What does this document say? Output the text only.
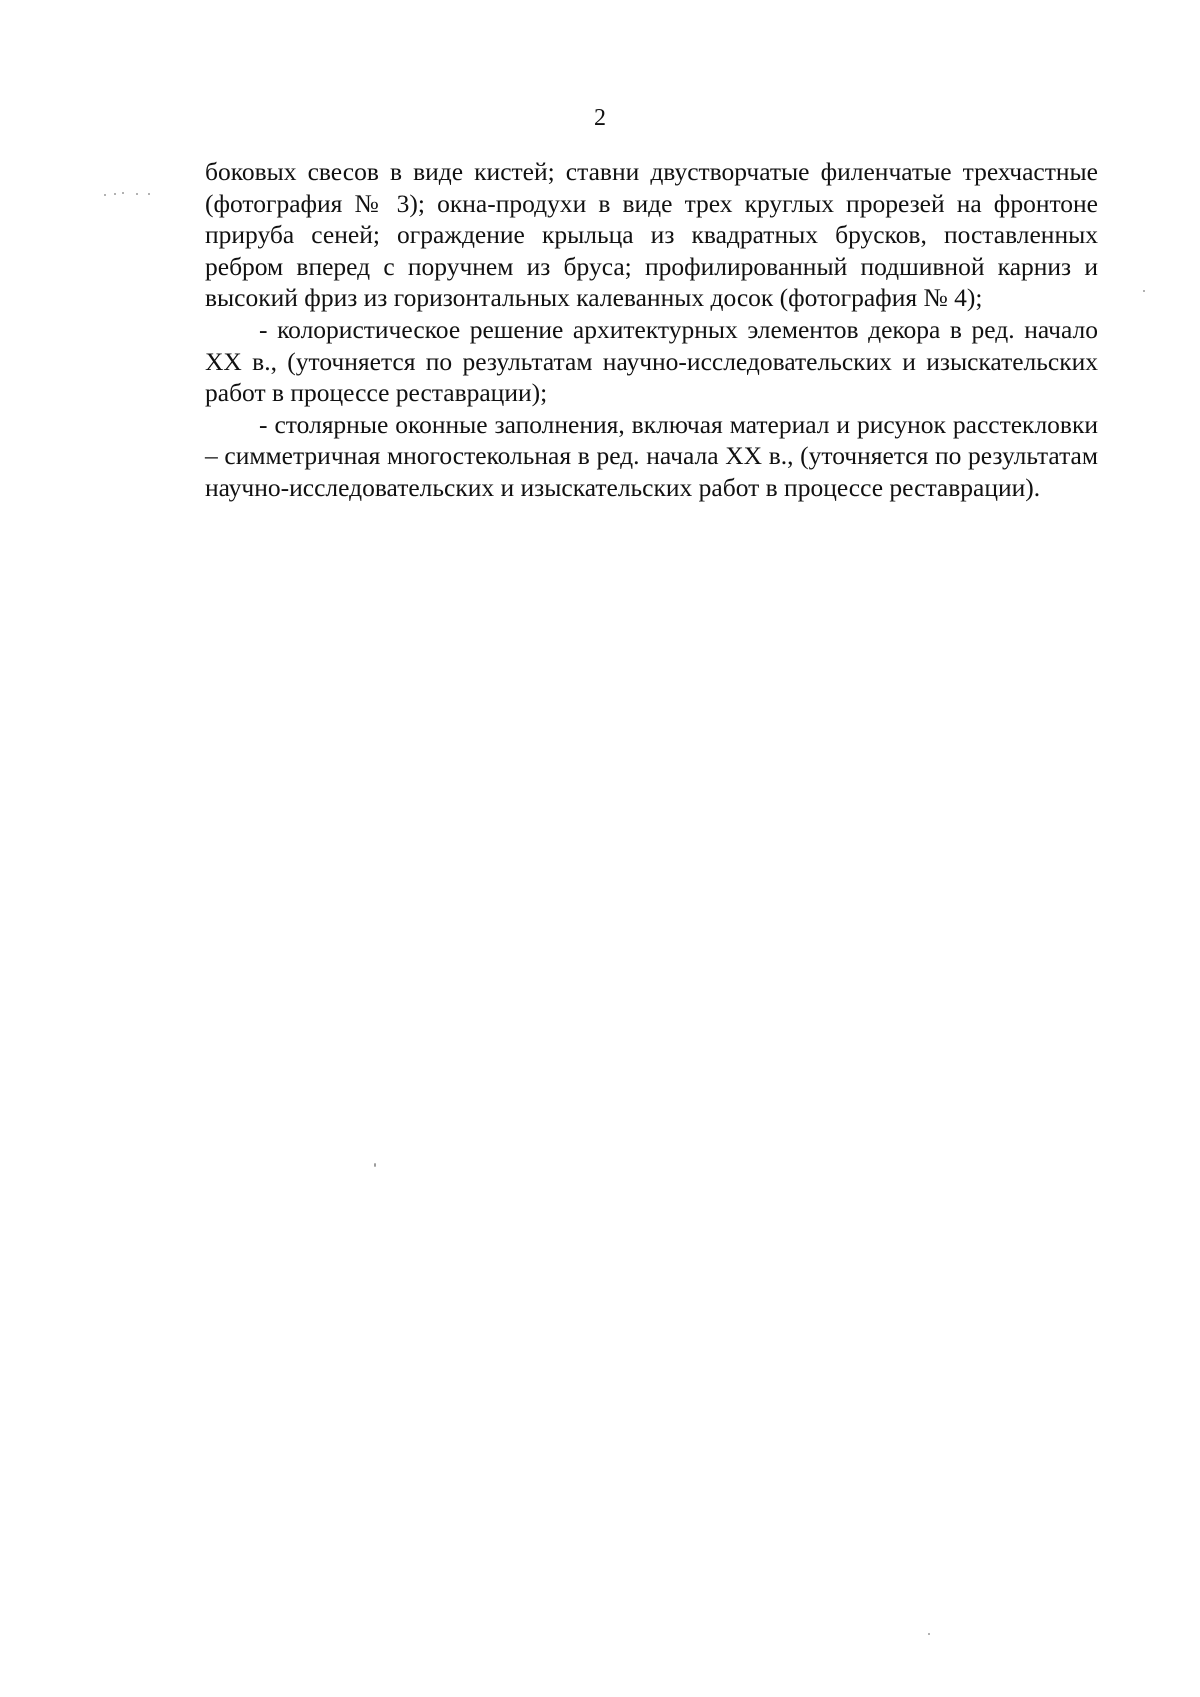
2

боковых свесов в виде кистей; ставни двустворчатые филенчатые трехчастные (фотография № 3); окна-продухи в виде трех круглых прорезей на фронтоне прируба сеней; ограждение крыльца из квадратных брусков, поставленных ребром вперед с поручнем из бруса; профилированный подшивной карниз и высокий фриз из горизонтальных калеванных досок (фотография № 4);

- колористическое решение архитектурных элементов декора в ред. начало XX в., (уточняется по результатам научно-исследовательских и изыскательских работ в процессе реставрации);

- столярные оконные заполнения, включая материал и рисунок расстекловки – симметричная многостекольная в ред. начала XX в., (уточняется по результатам научно-исследовательских и изыскательских работ в процессе реставрации).
